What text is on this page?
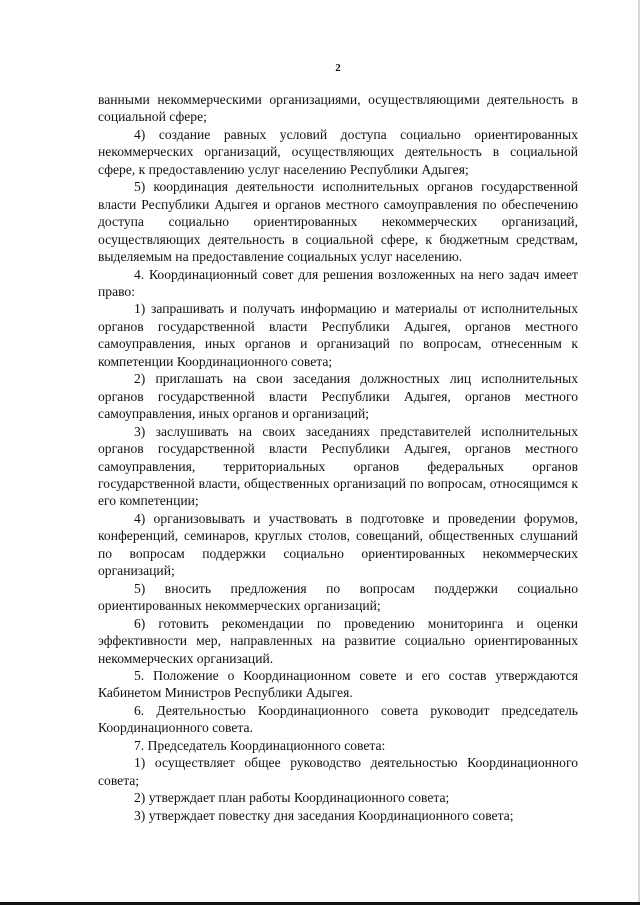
2

ванными некоммерческими организациями, осуществляющими деятельность в социальной сфере;

4) создание равных условий доступа социально ориентированных некоммерческих организаций, осуществляющих деятельность в социальной сфере, к предоставлению услуг населению Республики Адыгея;

5) координация деятельности исполнительных органов государственной власти Республики Адыгея и органов местного самоуправления по обеспечению доступа социально ориентированных некоммерческих организаций, осуществляющих деятельность в социальной сфере, к бюджетным средствам, выделяемым на предоставление социальных услуг населению.

4. Координационный совет для решения возложенных на него задач имеет право:

1) запрашивать и получать информацию и материалы от исполнительных органов государственной власти Республики Адыгея, органов местного самоуправления, иных органов и организаций по вопросам, отнесенным к компетенции Координационного совета;

2) приглашать на свои заседания должностных лиц исполнительных органов государственной власти Республики Адыгея, органов местного самоуправления, иных органов и организаций;

3) заслушивать на своих заседаниях представителей исполнительных органов государственной власти Республики Адыгея, органов местного самоуправления, территориальных органов федеральных органов государственной власти, общественных организаций по вопросам, относящимся к его компетенции;

4) организовывать и участвовать в подготовке и проведении форумов, конференций, семинаров, круглых столов, совещаний, общественных слушаний по вопросам поддержки социально ориентированных некоммерческих организаций;

5) вносить предложения по вопросам поддержки социально ориентированных некоммерческих организаций;

6) готовить рекомендации по проведению мониторинга и оценки эффективности мер, направленных на развитие социально ориентированных некоммерческих организаций.

5. Положение о Координационном совете и его состав утверждаются Кабинетом Министров Республики Адыгея.

6. Деятельностью Координационного совета руководит председатель Координационного совета.

7. Председатель Координационного совета:

1) осуществляет общее руководство деятельностью Координационного совета;

2) утверждает план работы Координационного совета;

3) утверждает повестку дня заседания Координационного совета;
